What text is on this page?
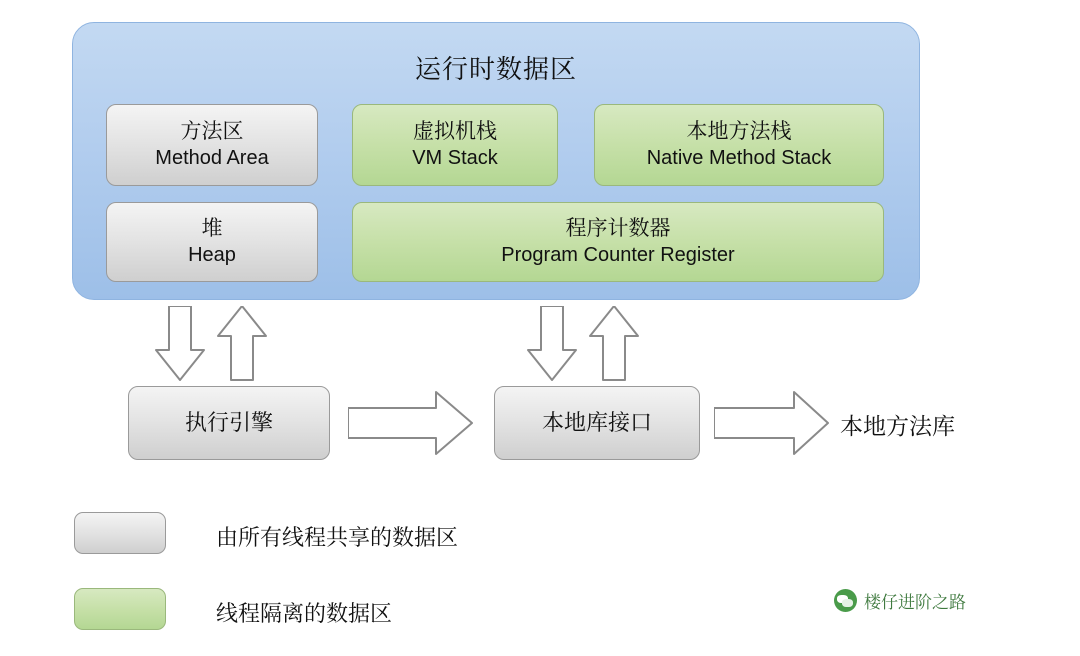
运行时数据区
方法区
Method Area
虚拟机栈
VM Stack
本地方法栈
Native Method Stack
堆
Heap
程序计数器
Program Counter Register
执行引擎	本地库接口	本地方法库
由所有线程共享的数据区
线程隔离的数据区	楼仔进阶之路
